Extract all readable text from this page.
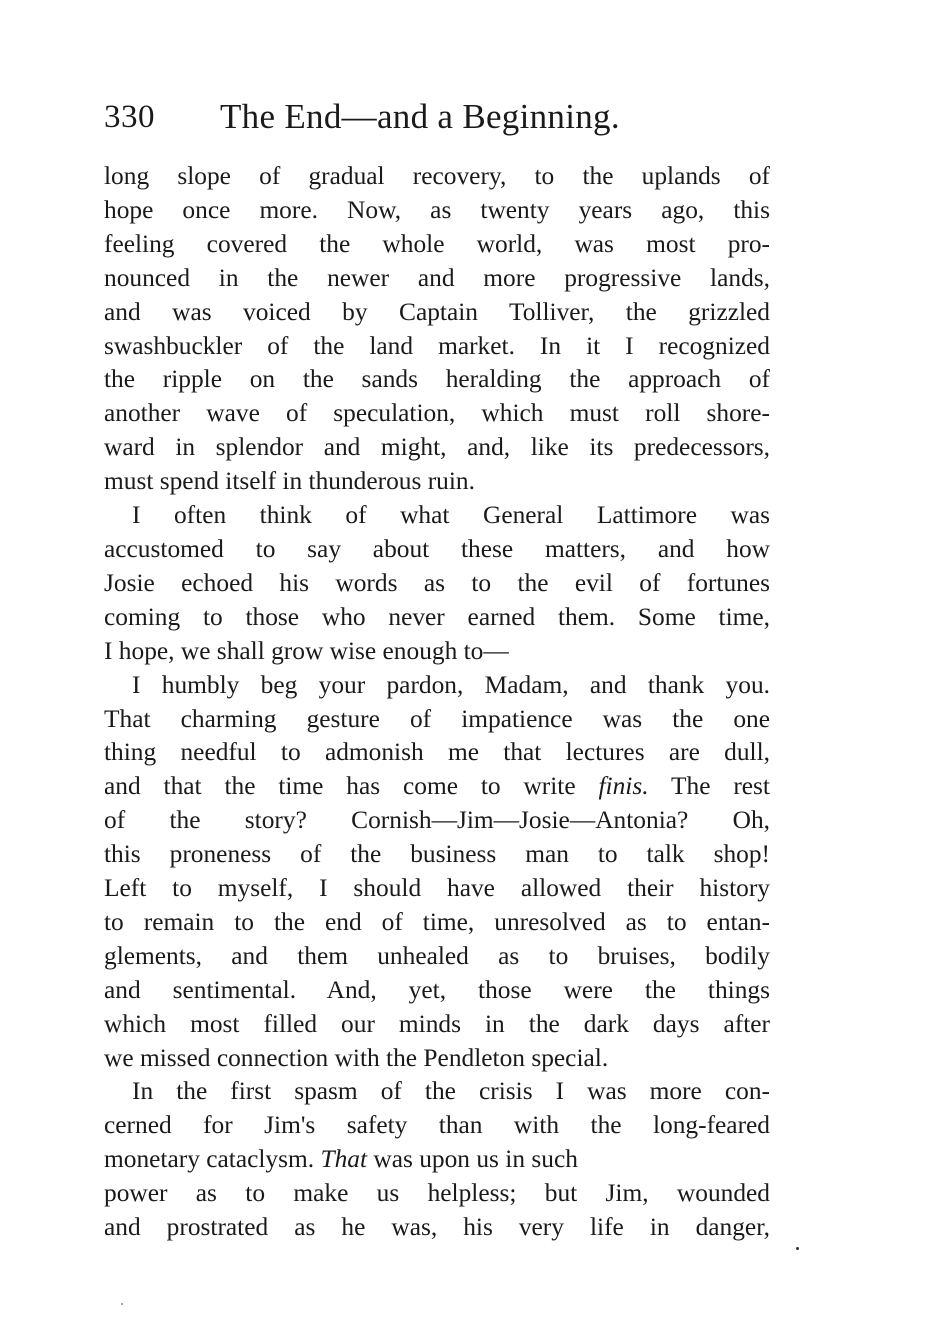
330 The End—and a Beginning.
long slope of gradual recovery, to the uplands of
hope once more. Now, as twenty years ago, this
feeling covered the whole world, was most pro-
nounced in the newer and more progressive lands,
and was voiced by Captain Tolliver, the grizzled
swashbuckler of the land market. In it I recognized
the ripple on the sands heralding the approach of
another wave of speculation, which must roll shore-
ward in splendor and might, and, like its predecessors,
must spend itself in thunderous ruin.
I often think of what General Lattimore was
accustomed to say about these matters, and how
Josie echoed his words as to the evil of fortunes
coming to those who never earned them. Some time,
I hope, we shall grow wise enough to—
I humbly beg your pardon, Madam, and thank you.
That charming gesture of impatience was the one
thing needful to admonish me that lectures are dull,
and that the time has come to write finis. The rest
of the story? Cornish—Jim—Josie—Antonia? Oh,
this proneness of the business man to talk shop!
Left to myself, I should have allowed their history
to remain to the end of time, unresolved as to entan-
glements, and them unhealed as to bruises, bodily
and sentimental. And, yet, those were the things
which most filled our minds in the dark days after
we missed connection with the Pendleton special.
In the first spasm of the crisis I was more con-
cerned for Jim's safety than with the long-feared
monetary cataclysm. That was upon us in such
power as to make us helpless; but Jim, wounded
and prostrated as he was, his very life in danger,
